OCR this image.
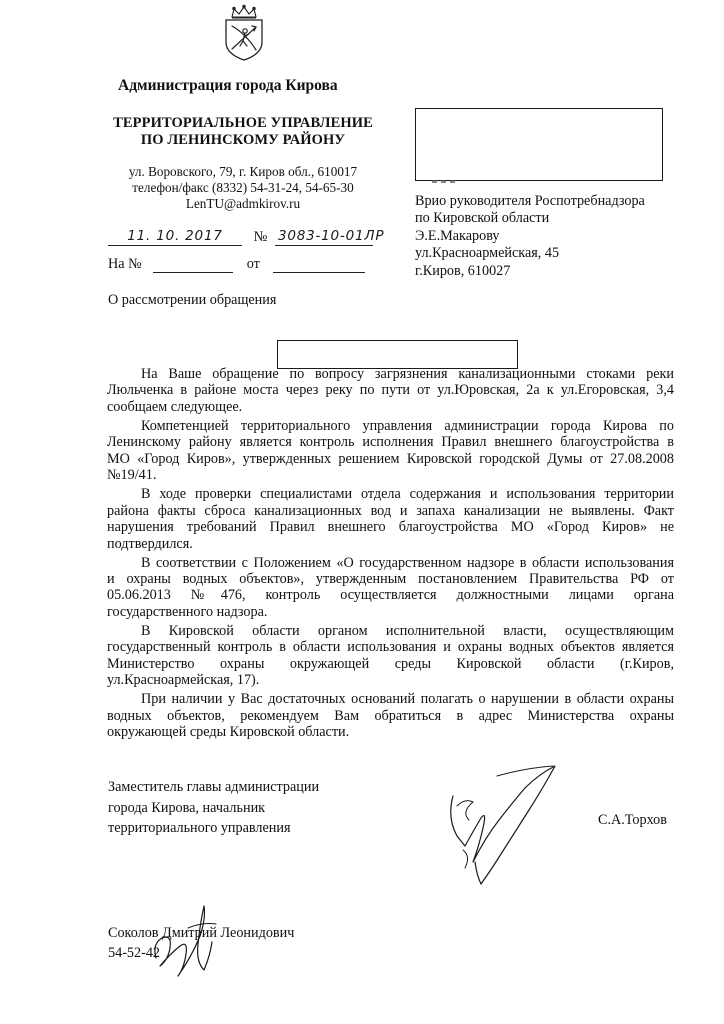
Администрация города Кирова
ТЕРРИТОРИАЛЬНОЕ УПРАВЛЕНИЕ
ПО ЛЕНИНСКОМУ РАЙОНУ
ул. Воровского, 79, г. Киров обл., 610017
телефон/факс (8332) 54-31-24, 54-65-30
LenTU@admkirov.ru
11. 10. 2017 № 3083-10-01ЛР
На №	от
Врио руководителя Роспотребнадзора
по Кировской области
Э.Е.Макарову
ул.Красноармейская, 45
г.Киров, 610027
О рассмотрении обращения
На Ваше обращение по вопросу загрязнения канализационными стоками реки
Люльченка в районе моста через реку по пути от ул.Юровская, 2а к ул.Егоровская, 3,4
сообщаем следующее.
Компетенцией территориального управления администрации города Кирова по
Ленинскому району является контроль исполнения Правил внешнего благоустройства в
МО «Город Киров», утвержденных решением Кировской городской Думы от 27.08.2008
№19/41.
В ходе проверки специалистами отдела содержания и использования территории
района факты сброса канализационных вод и запаха канализации не выявлены. Факт
нарушения требований Правил внешнего благоустройства МО «Город Киров» не
подтвердился.
В соответствии с Положением «О государственном надзоре в области использования
и охраны водных объектов», утвержденным постановлением Правительства РФ от
05.06.2013 №476, контроль осуществляется должностными лицами органа
государственного надзора.
В Кировской области органом исполнительной власти, осуществляющим
государственный контроль в области использования и охраны водных объектов является
Министерство охраны окружающей среды Кировской области (г.Киров,
ул.Красноармейская, 17).
При наличии у Вас достаточных оснований полагать о нарушении в области охраны
водных объектов, рекомендуем Вам обратиться в адрес Министерства охраны
окружающей среды Кировской области.
Заместитель главы администрации
города Кирова, начальник
территориального управления	С.А.Торхов
Соколов Дмитрий Леонидович
54-52-42
